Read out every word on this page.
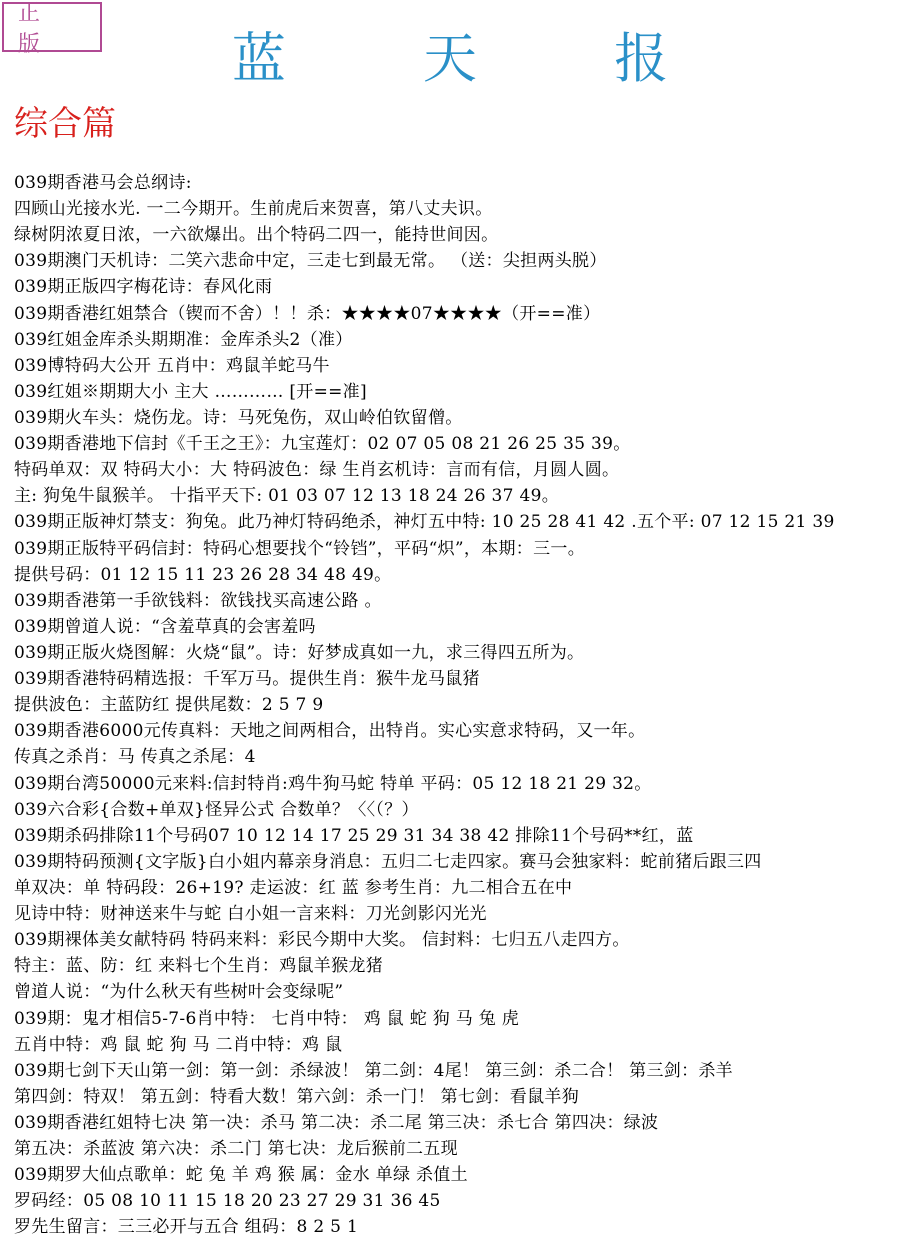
正 版	蓝 天 报
综合篇
039期香港马会总纲诗:
四顾山光接水光. 一二今期开。生前虎后来贺喜，第八丈夫识。
绿树阴浓夏日浓，一六欲爆出。出个特码二四一，能持世间因。
039期澳门天机诗：二笑六悲命中定，三走七到最无常。 （送：尖担两头脱）
039期正版四字梅花诗：春风化雨
039期香港红姐禁合（锲而不舍）！！杀：★★★★07★★★★（开==准）
039红姐金库杀头期期准：金库杀头2（准）
039博特码大公开 五肖中：鸡鼠羊蛇马牛
039红姐※期期大小 主大 ………… [开==准]
039期火车头：烧伤龙。诗：马死兔伤，双山岭伯钦留僧。
039期香港地下信封《千王之王》：九宝莲灯：02 07 05 08 21 26 25 35 39。
特码单双：双 特码大小：大 特码波色：绿 生肖玄机诗：言而有信，月圆人圆。
主: 狗兔牛鼠猴羊。 十指平天下: 01 03 07 12 13 18 24 26 37 49。
039期正版神灯禁支：狗兔。此乃神灯特码绝杀，神灯五中特: 10 25 28 41 42 .五个平: 07 12 15 21 39
039期正版特平码信封：特码心想要找个“铃铛”，平码“炽”，本期：三一。
提供号码：01 12 15 11 23 26 28 34 48 49。
039期香港第一手欲钱料：欲钱找买高速公路 。
039期曾道人说：“含羞草真的会害羞吗
039期正版火烧图解：火烧“鼠”。诗：好梦成真如一九，求三得四五所为。
039期香港特码精选报：千军万马。提供生肖：猴牛龙马鼠猪
提供波色：主蓝防红 提供尾数：2 5 7 9
039期香港6000元传真料：天地之间两相合，出特肖。实心实意求特码，又一年。
传真之杀肖：马 传真之杀尾：4
039期台湾50000元来料:信封特肖:鸡牛狗马蛇 特单 平码：05 12 18 21 29 32。
039六合彩{合数+单双}怪异公式 合数单？〈〈（？）
039期杀码排除11个号码07 10 12 14 17 25 29 31 34 38 42 排除11个号码**红，蓝
039期特码预测{文字版}白小姐内幕亲身消息：五归二七走四家。赛马会独家料：蛇前猪后跟三四
单双决：单 特码段：26+19? 走运波：红 蓝 参考生肖：九二相合五在中
见诗中特：财神送来牛与蛇 白小姐一言来料：刀光剑影闪光光
039期裸体美女献特码 特码来料：彩民今期中大奖。 信封料：七归五八走四方。
特主：蓝、防：红 来料七个生肖：鸡鼠羊猴龙猪
曾道人说：“为什么秋天有些树叶会变绿呢”
039期：鬼才相信5-7-6肖中特： 七肖中特： 鸡 鼠 蛇 狗 马 兔 虎
五肖中特：鸡 鼠 蛇 狗 马 二肖中特：鸡 鼠
039期七剑下天山第一剑：第一剑：杀绿波！ 第二剑：4尾！ 第三剑：杀二合！ 第三剑：杀羊
第四剑：特双！ 第五剑：特看大数！第六剑：杀一门！ 第七剑：看鼠羊狗
039期香港红姐特七决 第一决：杀马 第二决：杀二尾 第三决：杀七合 第四决：绿波
第五决：杀蓝波 第六决：杀二门 第七决：龙后猴前二五现
039期罗大仙点歌单：蛇 兔 羊 鸡 猴 属：金水 单绿 杀值土
罗码经：05 08 10 11 15 18 20 23 27 29 31 36 45
罗先生留言：三三必开与五合 组码：8 2 5 1
